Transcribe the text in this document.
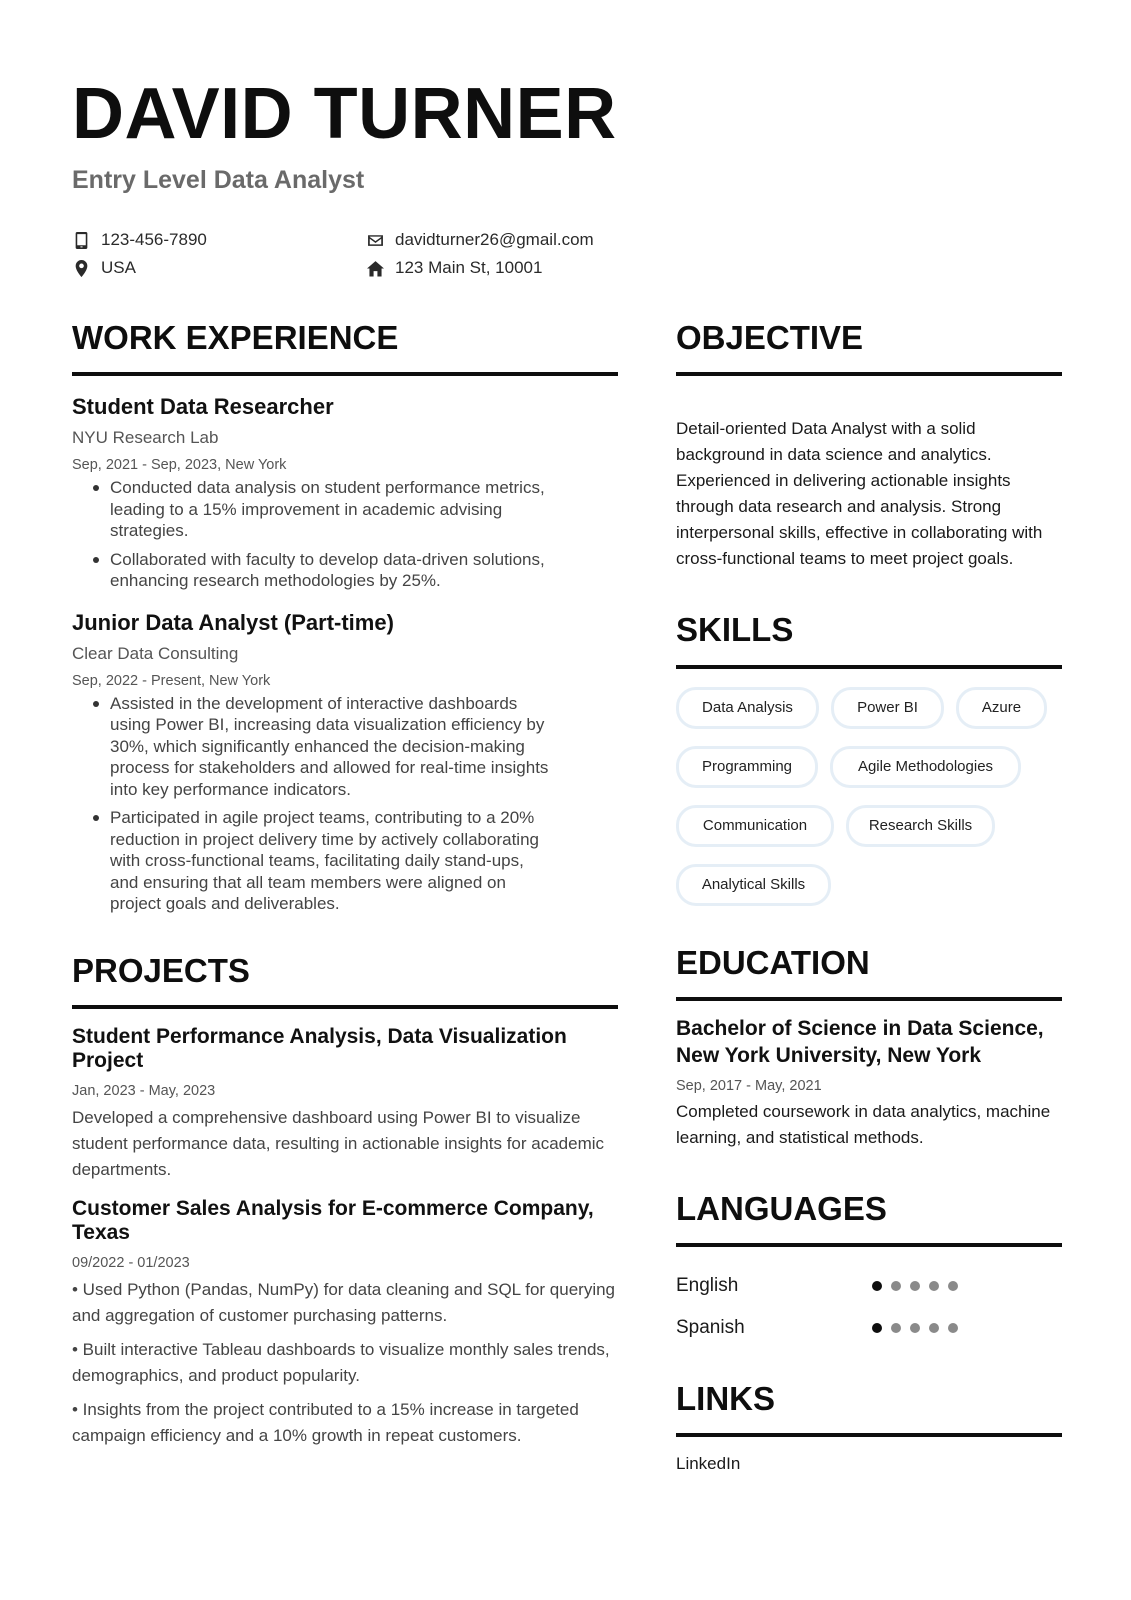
DAVID TURNER
Entry Level Data Analyst
123-456-7890	davidturner26@gmail.com
USA	123 Main St, 10001
WORK EXPERIENCE
Student Data Researcher
NYU Research Lab
Sep, 2021 - Sep, 2023, New York
Conducted data analysis on student performance metrics, leading to a 15% improvement in academic advising strategies.
Collaborated with faculty to develop data-driven solutions, enhancing research methodologies by 25%.
Junior Data Analyst (Part-time)
Clear Data Consulting
Sep, 2022 - Present, New York
Assisted in the development of interactive dashboards using Power BI, increasing data visualization efficiency by 30%, which significantly enhanced the decision-making process for stakeholders and allowed for real-time insights into key performance indicators.
Participated in agile project teams, contributing to a 20% reduction in project delivery time by actively collaborating with cross-functional teams, facilitating daily stand-ups, and ensuring that all team members were aligned on project goals and deliverables.
PROJECTS
Student Performance Analysis, Data Visualization Project
Jan, 2023 - May, 2023
Developed a comprehensive dashboard using Power BI to visualize student performance data, resulting in actionable insights for academic departments.
Customer Sales Analysis for E-commerce Company, Texas
09/2022 - 01/2023
• Used Python (Pandas, NumPy) for data cleaning and SQL for querying and aggregation of customer purchasing patterns.
• Built interactive Tableau dashboards to visualize monthly sales trends, demographics, and product popularity.
• Insights from the project contributed to a 15% increase in targeted campaign efficiency and a 10% growth in repeat customers.
OBJECTIVE
Detail-oriented Data Analyst with a solid background in data science and analytics. Experienced in delivering actionable insights through data research and analysis. Strong interpersonal skills, effective in collaborating with cross-functional teams to meet project goals.
SKILLS
Data Analysis	Power BI	Azure
Programming	Agile Methodologies
Communication	Research Skills
Analytical Skills
EDUCATION
Bachelor of Science in Data Science, New York University, New York
Sep, 2017 - May, 2021
Completed coursework in data analytics, machine learning, and statistical methods.
LANGUAGES
English
Spanish
LINKS
LinkedIn
